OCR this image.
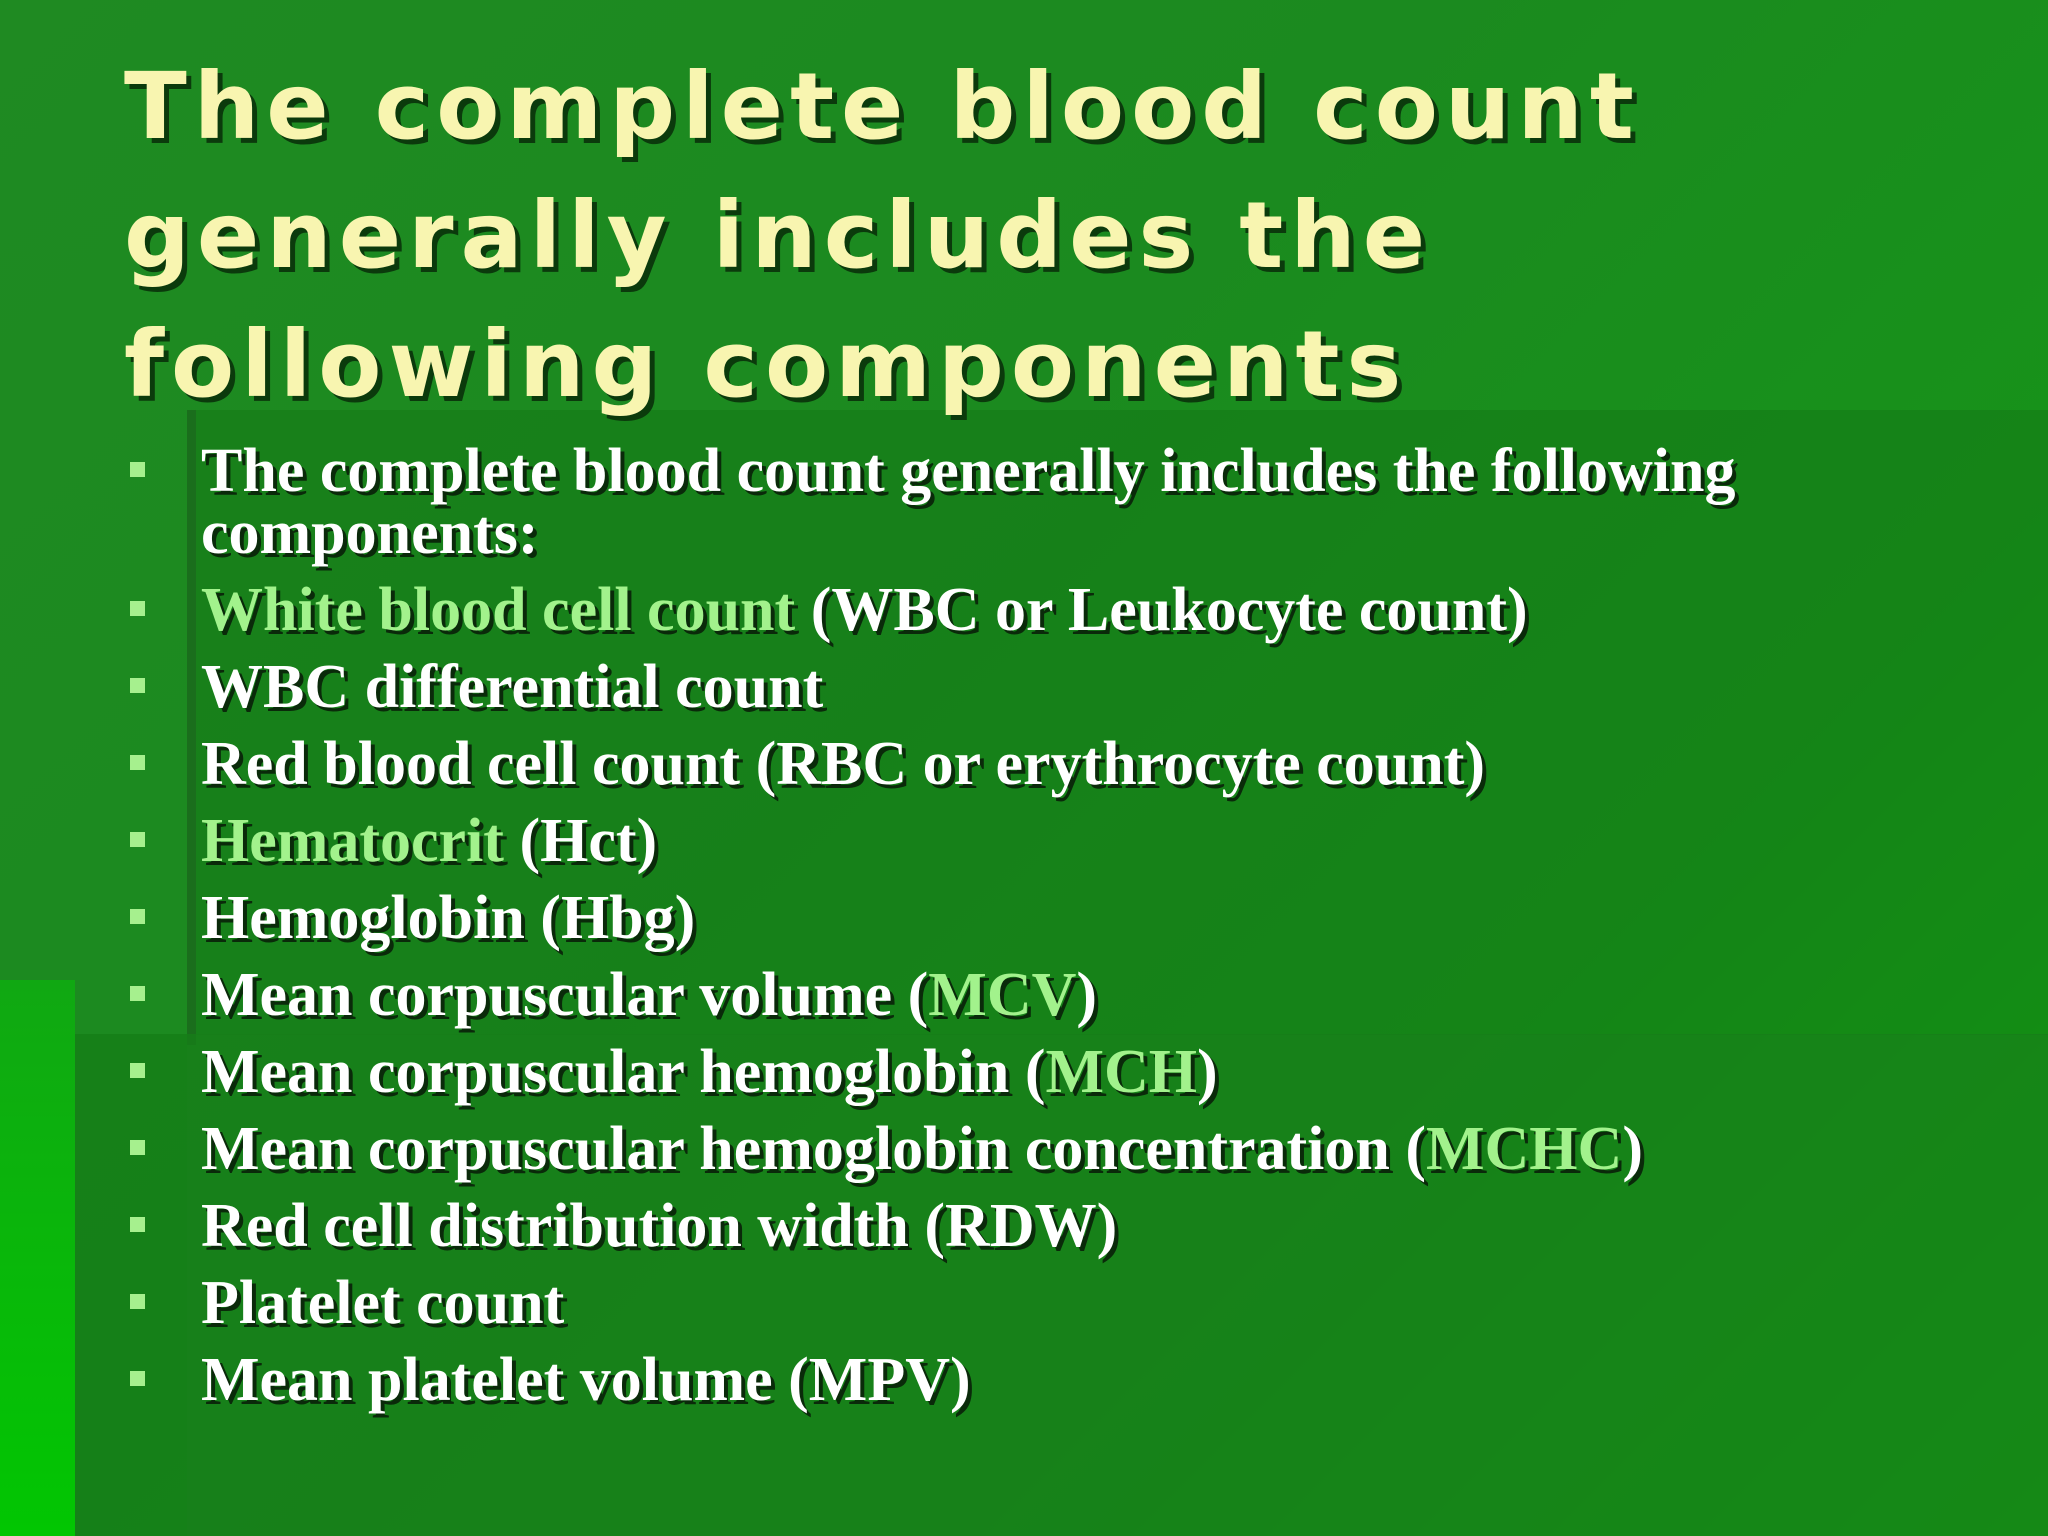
The complete blood count generally includes the following components
The complete blood count generally includes the following components:
White blood cell count (WBC or Leukocyte count)
WBC differential count
Red blood cell count (RBC or erythrocyte count)
Hematocrit (Hct)
Hemoglobin (Hbg)
Mean corpuscular volume (MCV)
Mean corpuscular hemoglobin (MCH)
Mean corpuscular hemoglobin concentration (MCHC)
Red cell distribution width (RDW)
Platelet count
Mean platelet volume (MPV)
